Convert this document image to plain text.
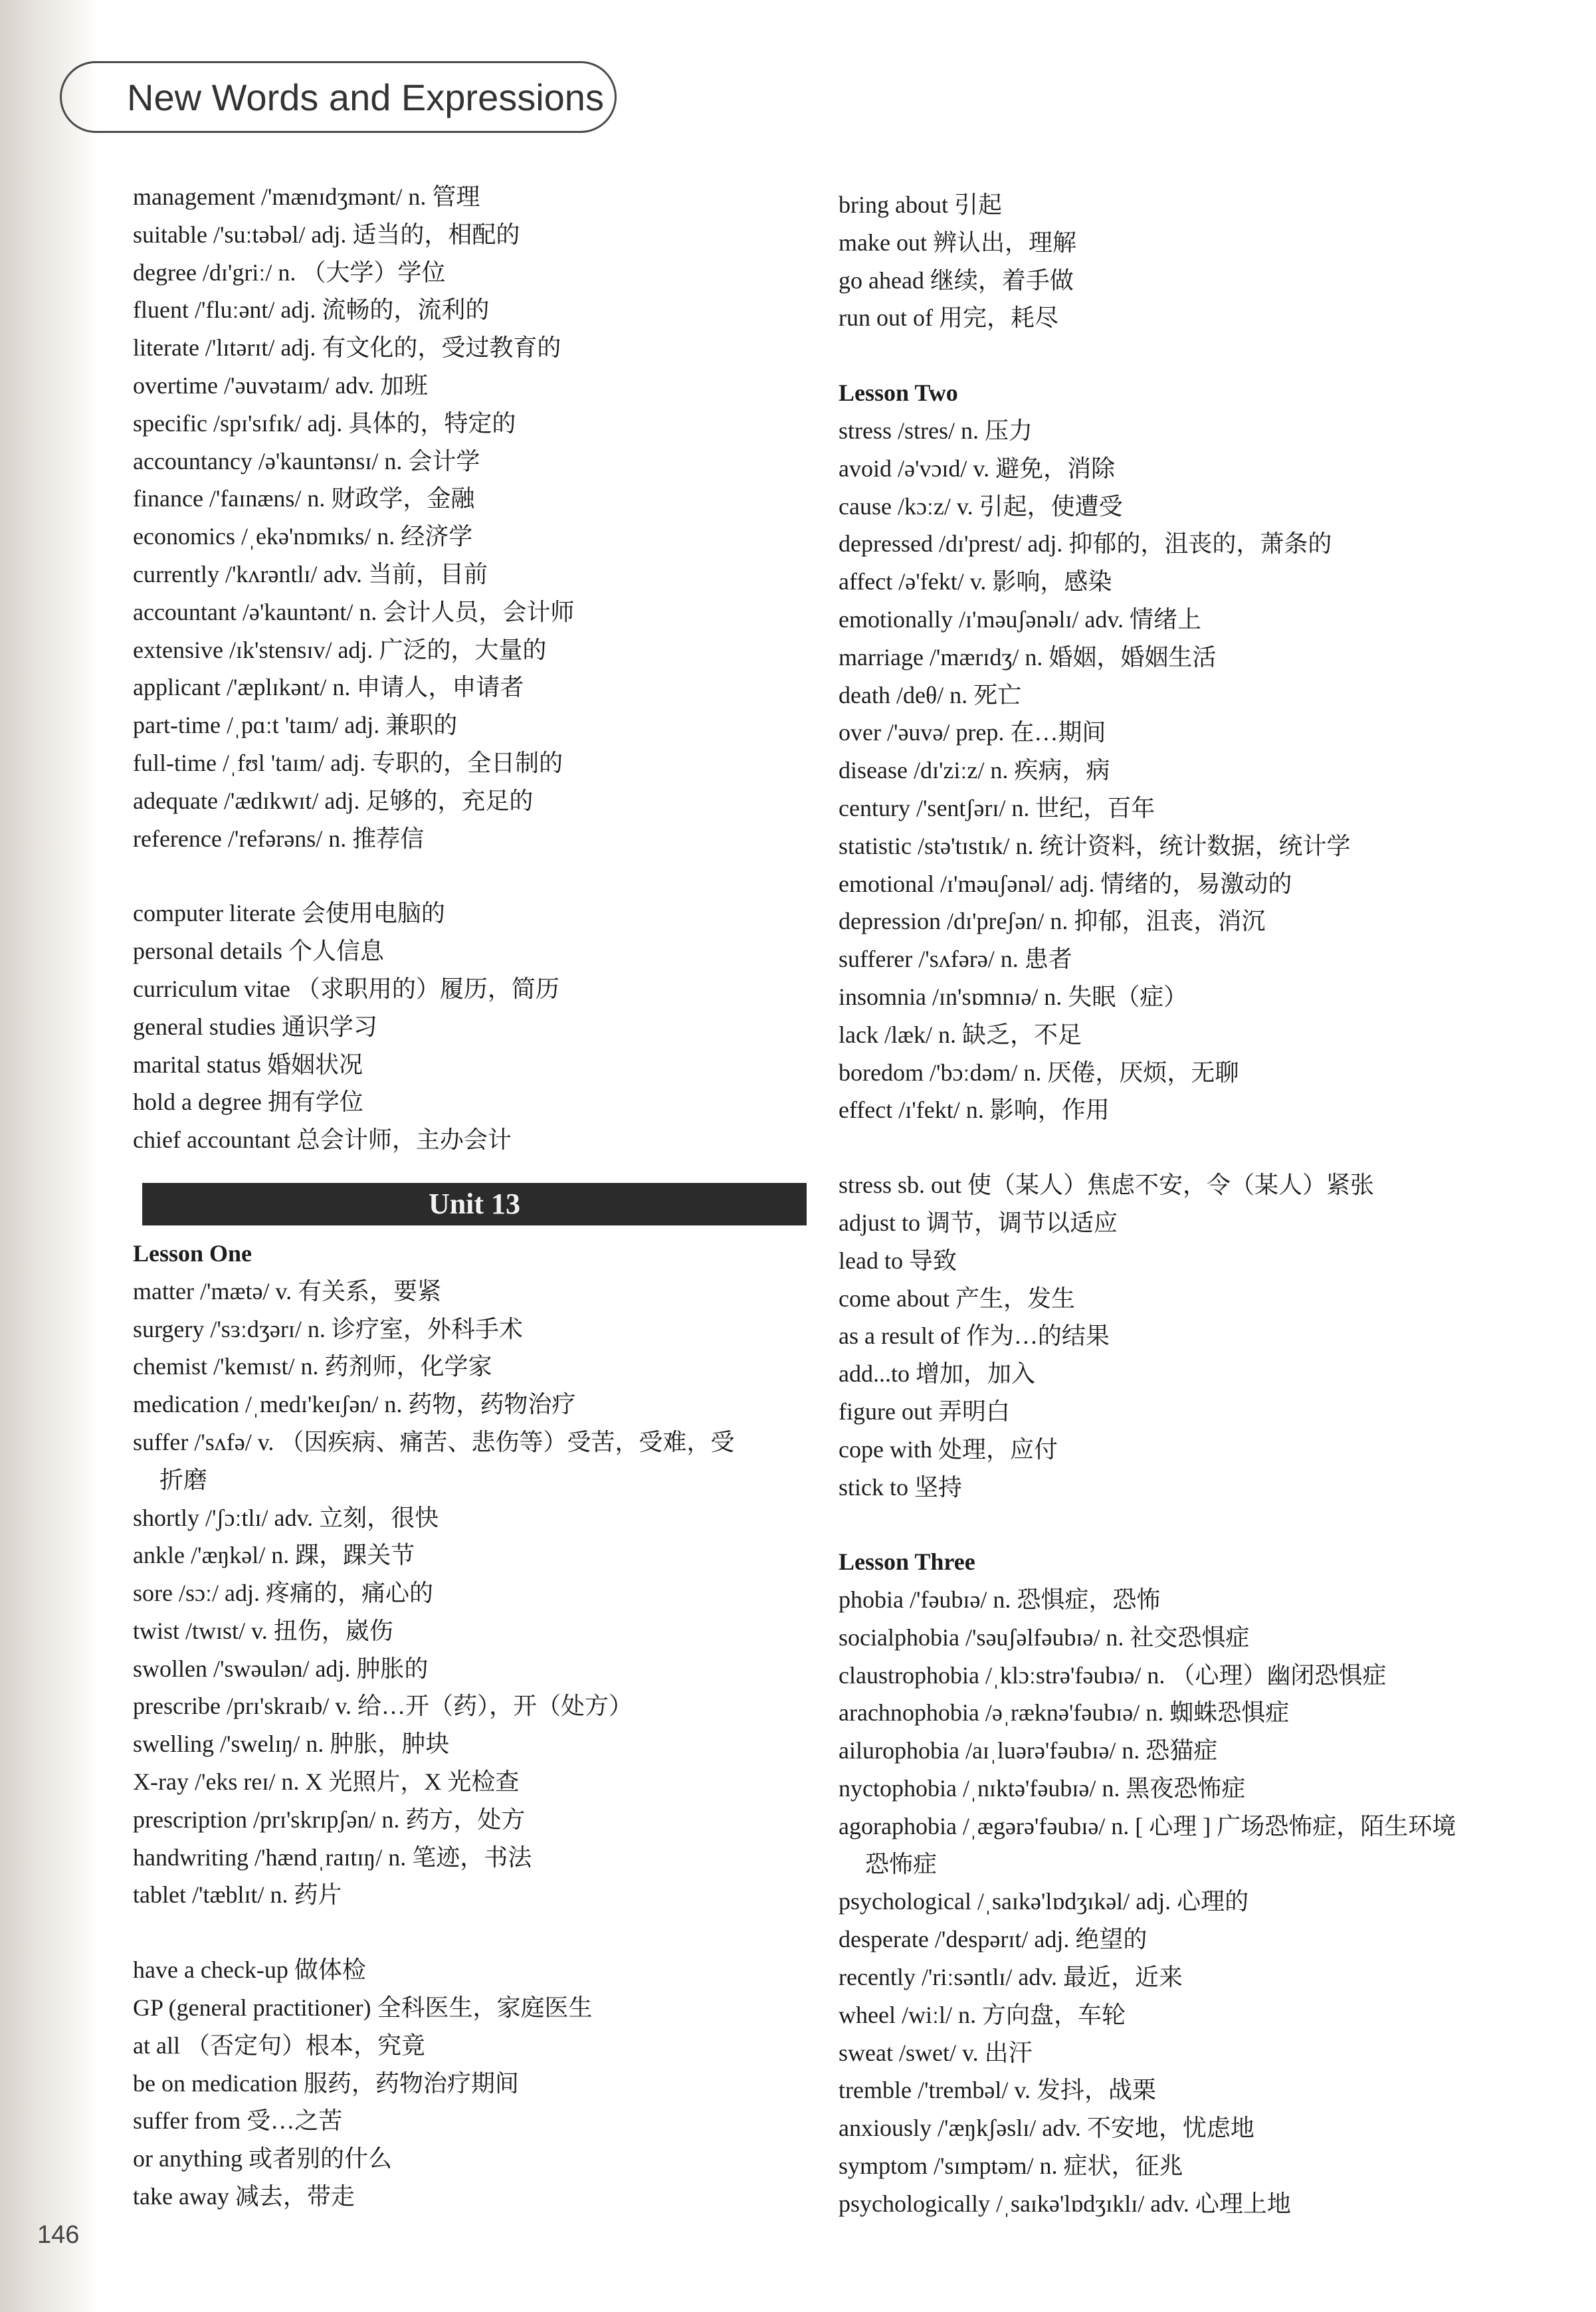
New Words and Expressions
management /'mænɪdʒmənt/ n. 管理
suitable /'suːtəbəl/ adj. 适当的，相配的
degree /dɪ'griː/ n. （大学）学位
fluent /'fluːənt/ adj. 流畅的，流利的
literate /'lɪtərɪt/ adj. 有文化的，受过教育的
overtime /'əuvətaɪm/ adv. 加班
specific /spɪ'sɪfɪk/ adj. 具体的，特定的
accountancy /ə'kauntənsɪ/ n. 会计学
finance /'faɪnæns/ n. 财政学，金融
economics /ˌekə'nɒmɪks/ n. 经济学
currently /'kʌrəntlɪ/ adv. 当前，目前
accountant /ə'kauntənt/ n. 会计人员，会计师
extensive /ɪk'stensɪv/ adj. 广泛的，大量的
applicant /'æplɪkənt/ n. 申请人，申请者
part-time /ˌpɑːt 'taɪm/ adj. 兼职的
full-time /ˌfʊl 'taɪm/ adj. 专职的，全日制的
adequate /'ædɪkwɪt/ adj. 足够的，充足的
reference /'refərəns/ n. 推荐信
computer literate 会使用电脑的
personal details 个人信息
curriculum vitae （求职用的）履历，简历
general studies 通识学习
marital status 婚姻状况
hold a degree 拥有学位
chief accountant 总会计师，主办会计
Unit 13
Lesson One
matter /'mætə/ v. 有关系，要紧
surgery /'sɜːdʒərɪ/ n. 诊疗室，外科手术
chemist /'kemɪst/ n. 药剂师，化学家
medication /ˌmedɪ'keɪʃən/ n. 药物，药物治疗
suffer /'sʌfə/ v. （因疾病、痛苦、悲伤等）受苦，受难，受
折磨
shortly /'ʃɔːtlɪ/ adv. 立刻，很快
ankle /'æŋkəl/ n. 踝，踝关节
sore /sɔː/ adj. 疼痛的，痛心的
twist /twɪst/ v. 扭伤，崴伤
swollen /'swəulən/ adj. 肿胀的
prescribe /prɪ'skraɪb/ v. 给…开（药），开（处方）
swelling /'swelɪŋ/ n. 肿胀，肿块
X-ray /'eks reɪ/ n. X 光照片，X 光检查
prescription /prɪ'skrɪpʃən/ n. 药方，处方
handwriting /'hændˌraɪtɪŋ/ n. 笔迹，书法
tablet /'tæblɪt/ n. 药片
have a check-up 做体检
GP (general practitioner) 全科医生，家庭医生
at all （否定句）根本，究竟
be on medication 服药，药物治疗期间
suffer from 受…之苦
or anything 或者别的什么
take away 减去，带走
bring about 引起
make out 辨认出，理解
go ahead 继续，着手做
run out of 用完，耗尽
Lesson Two
stress /stres/ n. 压力
avoid /ə'vɔɪd/ v. 避免，消除
cause /kɔːz/ v. 引起，使遭受
depressed /dɪ'prest/ adj. 抑郁的，沮丧的，萧条的
affect /ə'fekt/ v. 影响，感染
emotionally /ɪ'məuʃənəlɪ/ adv. 情绪上
marriage /'mærɪdʒ/ n. 婚姻，婚姻生活
death /deθ/ n. 死亡
over /'əuvə/ prep. 在…期间
disease /dɪ'ziːz/ n. 疾病，病
century /'sentʃərɪ/ n. 世纪，百年
statistic /stə'tɪstɪk/ n. 统计资料，统计数据，统计学
emotional /ɪ'məuʃənəl/ adj. 情绪的，易激动的
depression /dɪ'preʃən/ n. 抑郁，沮丧，消沉
sufferer /'sʌfərə/ n. 患者
insomnia /ɪn'sɒmnɪə/ n. 失眠（症）
lack /læk/ n. 缺乏，不足
boredom /'bɔːdəm/ n. 厌倦，厌烦，无聊
effect /ɪ'fekt/ n. 影响，作用
stress sb. out 使（某人）焦虑不安，令（某人）紧张
adjust to 调节，调节以适应
lead to 导致
come about 产生，发生
as a result of 作为…的结果
add...to 增加，加入
figure out 弄明白
cope with 处理，应付
stick to 坚持
Lesson Three
phobia /'fəubɪə/ n. 恐惧症，恐怖
socialphobia /'səuʃəlfəubɪə/ n. 社交恐惧症
claustrophobia /ˌklɔːstrə'fəubɪə/ n. （心理）幽闭恐惧症
arachnophobia /əˌræknə'fəubɪə/ n. 蜘蛛恐惧症
ailurophobia /aɪˌluərə'fəubɪə/ n. 恐猫症
nyctophobia /ˌnɪktə'fəubɪə/ n. 黑夜恐怖症
agoraphobia /ˌægərə'fəubɪə/ n. [ 心理 ] 广场恐怖症，陌生环境
恐怖症
psychological /ˌsaɪkə'lɒdʒɪkəl/ adj. 心理的
desperate /'despərɪt/ adj. 绝望的
recently /'riːsəntlɪ/ adv. 最近，近来
wheel /wiːl/ n. 方向盘，车轮
sweat /swet/ v. 出汗
tremble /'trembəl/ v. 发抖，战栗
anxiously /'æŋkʃəslɪ/ adv. 不安地，忧虑地
symptom /'sɪmptəm/ n. 症状，征兆
psychologically /ˌsaɪkə'lɒdʒɪklɪ/ adv. 心理上地
146
